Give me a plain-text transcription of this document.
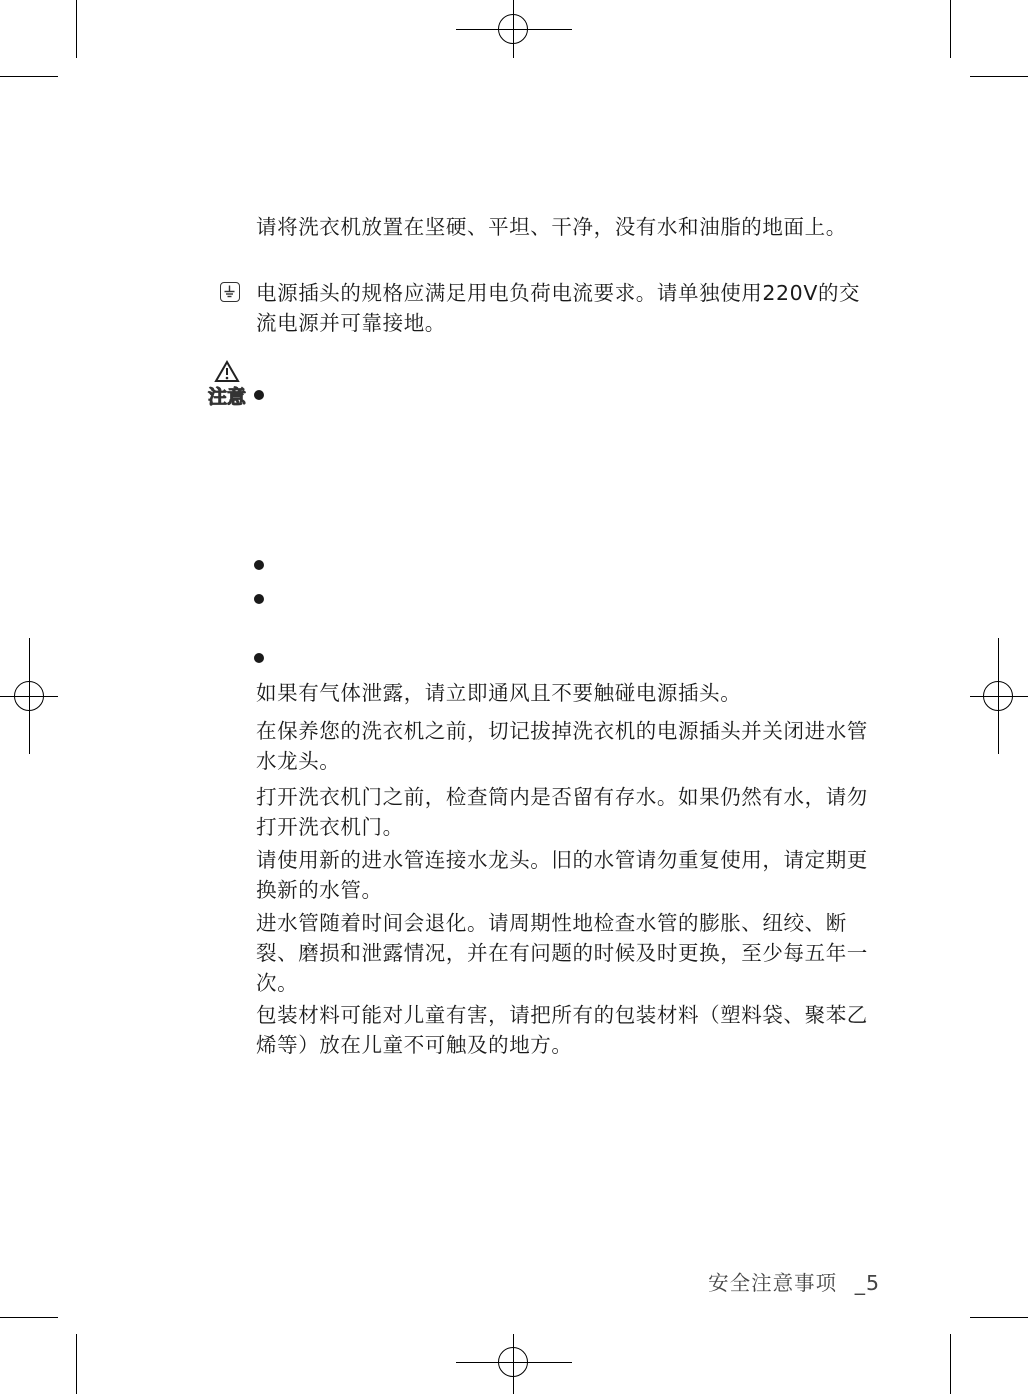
请将洗衣机放置在坚硬、平坦、干净，没有水和油脂的地面上。

电源插头的规格应满足用电负荷电流要求。请单独使用220V的交流电源并可靠接地。

注意

如果有气体泄露，请立即通风且不要触碰电源插头。

在保养您的洗衣机之前，切记拔掉洗衣机的电源插头并关闭进水管水龙头。

打开洗衣机门之前，检查筒内是否留有存水。如果仍然有水，请勿打开洗衣机门。

请使用新的进水管连接水龙头。旧的水管请勿重复使用，请定期更换新的水管。

进水管随着时间会退化。请周期性地检查水管的膨胀、纽绞、断裂、磨损和泄露情况，并在有问题的时候及时更换，至少每五年一次。

包装材料可能对儿童有害，请把所有的包装材料（塑料袋、聚苯乙烯等）放在儿童不可触及的地方。

安全注意事项 _5
